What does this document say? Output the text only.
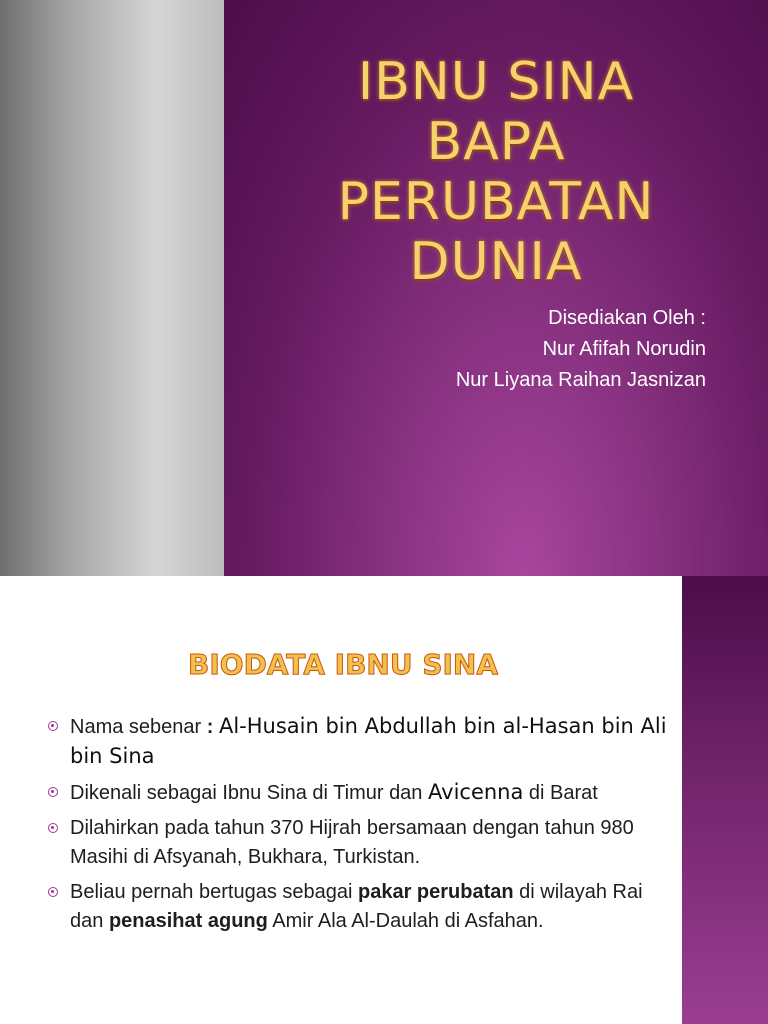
IBNU SINA
BAPA
PERUBATAN
DUNIA
Disediakan Oleh :
Nur Afifah Norudin
Nur Liyana Raihan Jasnizan
BIODATA IBNU SINA
Nama sebenar : Al-Husain bin Abdullah bin al-Hasan bin Ali bin Sina
Dikenali sebagai Ibnu Sina di Timur dan Avicenna di Barat
Dilahirkan pada tahun 370 Hijrah bersamaan dengan tahun 980 Masihi di Afsyanah, Bukhara, Turkistan.
Beliau pernah bertugas sebagai pakar perubatan di wilayah Rai dan penasihat agung Amir Ala Al-Daulah di Asfahan.
